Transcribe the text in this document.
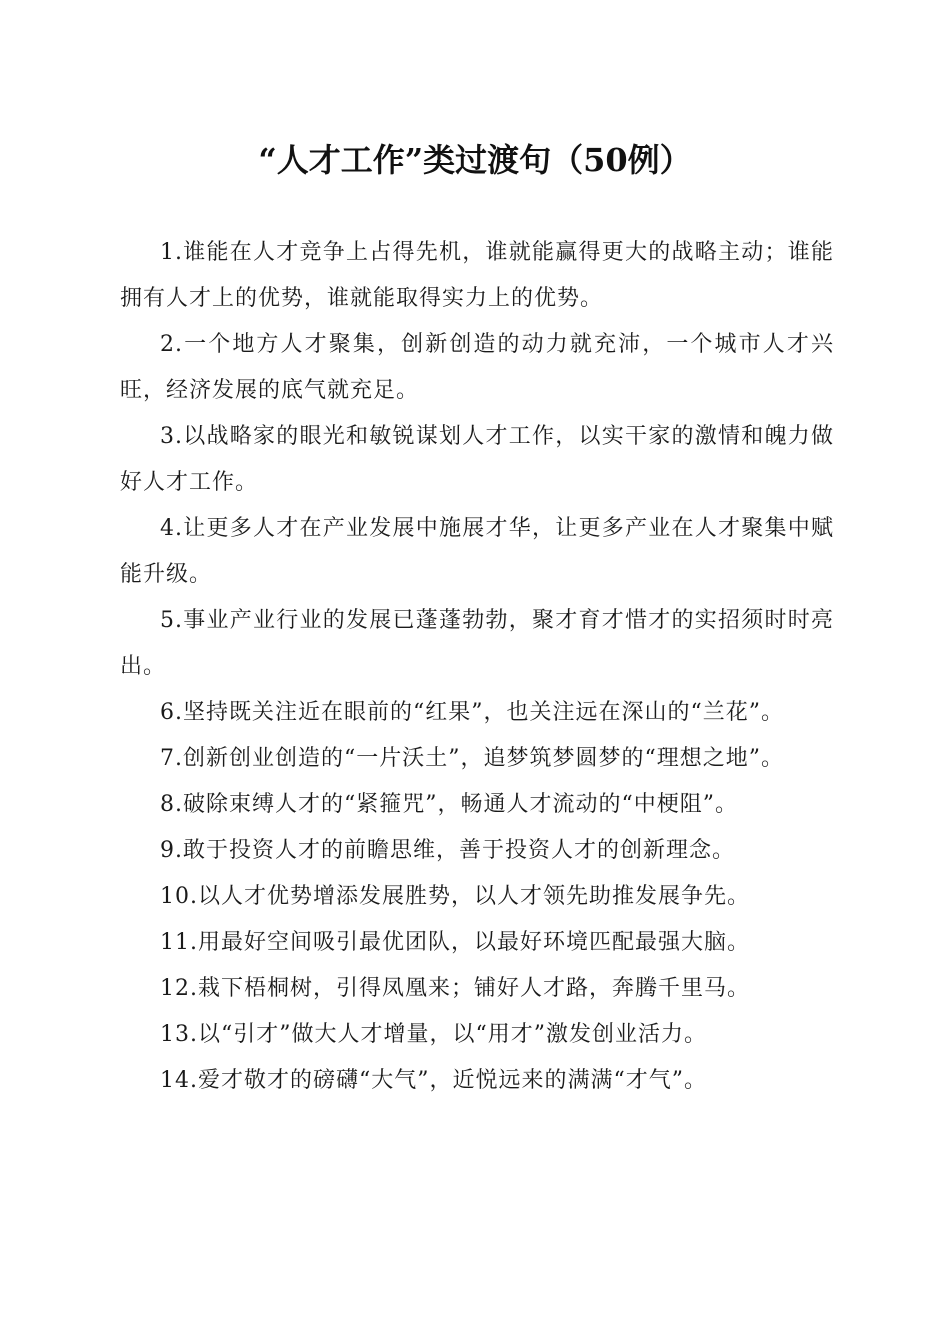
“人才工作”类过渡句（50例）

1.谁能在人才竞争上占得先机，谁就能赢得更大的战略主动；谁能拥有人才上的优势，谁就能取得实力上的优势。

2.一个地方人才聚集，创新创造的动力就充沛，一个城市人才兴旺，经济发展的底气就充足。

3.以战略家的眼光和敏锐谋划人才工作，以实干家的激情和魄力做好人才工作。

4.让更多人才在产业发展中施展才华，让更多产业在人才聚集中赋能升级。

5.事业产业行业的发展已蓬蓬勃勃，聚才育才惜才的实招须时时亮出。

6.坚持既关注近在眼前的“红果”，也关注远在深山的“兰花”。

7.创新创业创造的“一片沃土”，追梦筑梦圆梦的“理想之地”。

8.破除束缚人才的“紧箍咒”，畅通人才流动的“中梗阻”。

9.敢于投资人才的前瞻思维，善于投资人才的创新理念。

10.以人才优势增添发展胜势，以人才领先助推发展争先。

11.用最好空间吸引最优团队，以最好环境匹配最强大脑。

12.栽下梧桐树，引得凤凰来；铺好人才路，奔腾千里马。

13.以“引才”做大人才增量，以“用才”激发创业活力。

14.爱才敬才的磅礴“大气”，近悦远来的满满“才气”。
